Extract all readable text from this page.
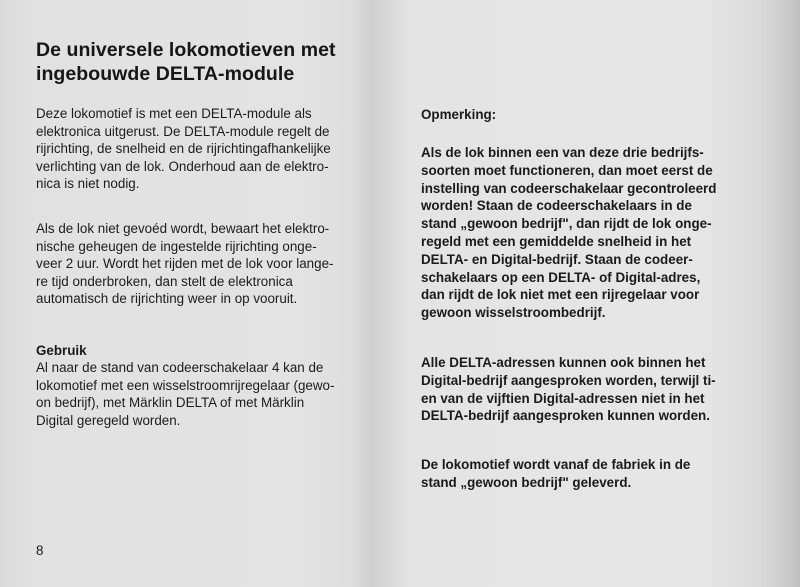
De universele lokomotieven met
ingebouwde DELTA-module

Deze lokomotief is met een DELTA-module als
elektronica uitgerust. De DELTA-module regelt de
rijrichting, de snelheid en de rijrichtingafhankelijke
verlichting van de lok. Onderhoud aan de elektro-
nica is niet nodig.

Als de lok niet gevoéd wordt, bewaart het elektro-
nische geheugen de ingestelde rijrichting onge-
veer 2 uur. Wordt het rijden met de lok voor lange-
re tijd onderbroken, dan stelt de elektronica
automatisch de rijrichting weer in op vooruit.

Gebruik

Al naar de stand van codeerschakelaar 4 kan de
lokomotief met een wisselstroomrijregelaar (gewo-
on bedrijf), met Märklin DELTA of met Märklin
Digital geregeld worden.

8
Opmerking:

Als de lok binnen een van deze drie bedrijfs-
soorten moet functioneren, dan moet eerst de
instelling van codeerschakelaar gecontroleerd
worden! Staan de codeerschakelaars in de
stand „gewoon bedrijf", dan rijdt de lok onge-
regeld met een gemiddelde snelheid in het
DELTA- en Digital-bedrijf. Staan de codeer-
schakelaars op een DELTA- of Digital-adres,
dan rijdt de lok niet met een rijregelaar voor
gewoon wisselstroombedrijf.

Alle DELTA-adressen kunnen ook binnen het
Digital-bedrijf aangesproken worden, terwijl ti-
en van de vijftien Digital-adressen niet in het
DELTA-bedrijf aangesproken kunnen worden.

De lokomotief wordt vanaf de fabriek in de
stand „gewoon bedrijf" geleverd.
